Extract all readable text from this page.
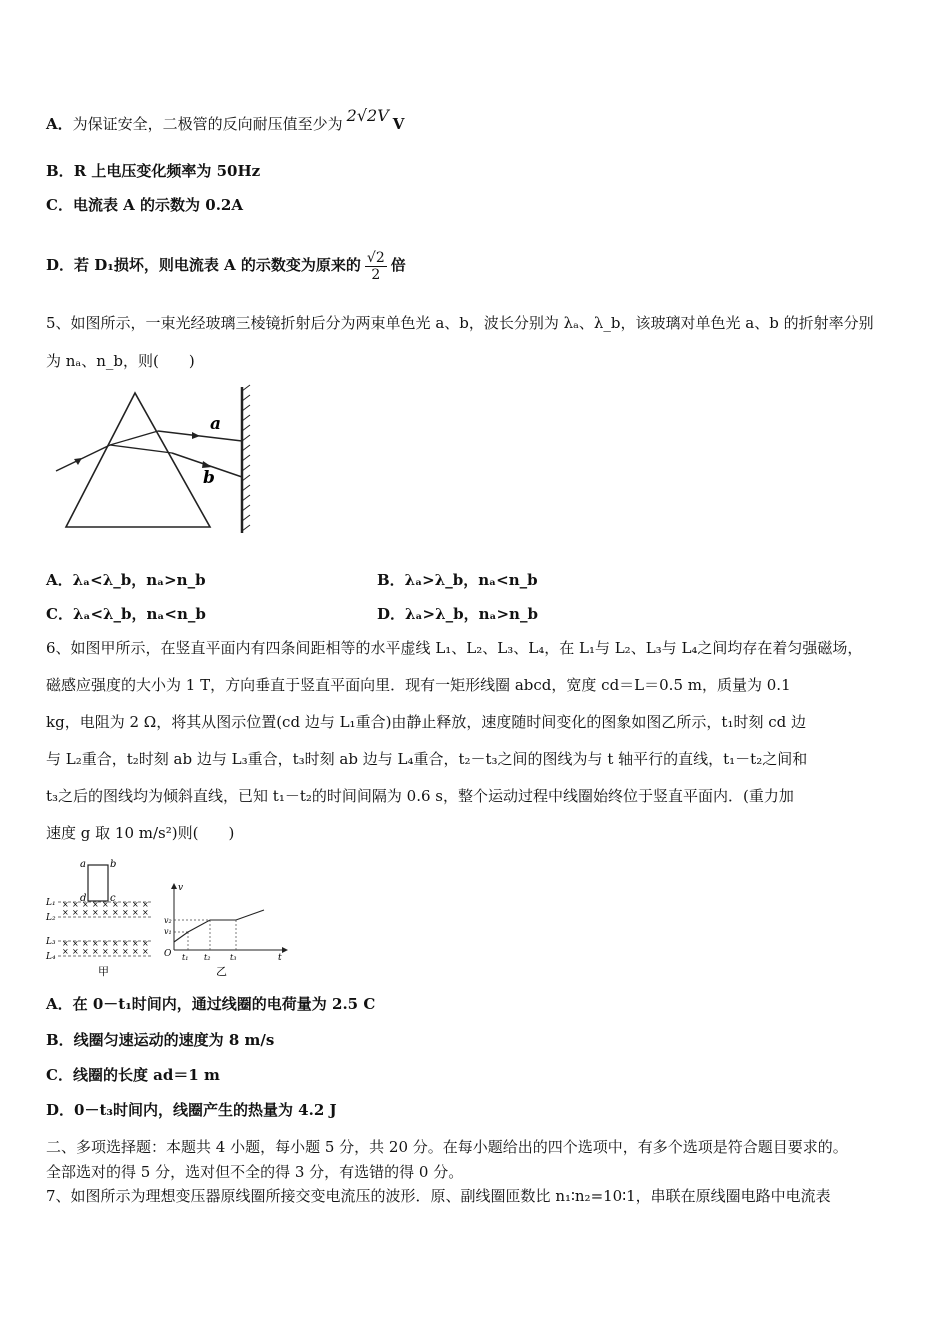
A．为保证安全，二极管的反向耐压值至少为 2√2V V
B．R 上电压变化频率为 50Hz
C．电流表 A 的示数为 0.2A
D．若 D₁损坏，则电流表 A 的示数变为原来的 $\frac{√2}{2}$ 倍
5、如图所示，一束光经玻璃三棱镜折射后分为两束单色光 a、b，波长分别为 λₐ、λ_b，该玻璃对单色光 a、b 的折射率分别
为 nₐ、n_b，则(　　)
a
b
A．λₐ<λ_b，nₐ>n_b	B．λₐ>λ_b，nₐ<n_b
C．λₐ<λ_b，nₐ<n_b	D．λₐ>λ_b，nₐ>n_b
6、如图甲所示，在竖直平面内有四条间距相等的水平虚线 L₁、L₂、L₃、L₄，在 L₁与 L₂、L₃与 L₄之间均存在着匀强磁场，
磁感应强度的大小为 1 T，方向垂直于竖直平面向里．现有一矩形线圈 abcd，宽度 cd＝L＝0.5 m，质量为 0.1
kg，电阻为 2 Ω，将其从图示位置(cd 边与 L₁重合)由静止释放，速度随时间变化的图象如图乙所示，t₁时刻 cd 边
与 L₂重合，t₂时刻 ab 边与 L₃重合，t₃时刻 ab 边与 L₄重合，t₂－t₃之间的图线为与 t 轴平行的直线，t₁－t₂之间和
t₃之后的图线均为倾斜直线，已知 t₁－t₂的时间间隔为 0.6 s，整个运动过程中线圈始终位于竖直平面内．(重力加
速度 g 取 10 m/s²)则(　　)
a b
d c
L₁
L₂
L₃
L₄
× × × × × × × × ×
× × × × × × × × ×
× × × × × × × × ×
× × × × × × × × ×
甲
v
v₂
v₁
O t₁ t₂ t₃	t
乙
A．在 0－t₁时间内，通过线圈的电荷量为 2.5 C
B．线圈匀速运动的速度为 8 m/s
C．线圈的长度 ad＝1 m
D．0－t₃时间内，线圈产生的热量为 4.2 J
二、多项选择题：本题共 4 小题，每小题 5 分，共 20 分。在每小题给出的四个选项中，有多个选项是符合题目要求的。
全部选对的得 5 分，选对但不全的得 3 分，有选错的得 0 分。
7、如图所示为理想变压器原线圈所接交变电流压的波形．原、副线圈匝数比 n₁∶n₂=10∶1，串联在原线圈电路中电流表
